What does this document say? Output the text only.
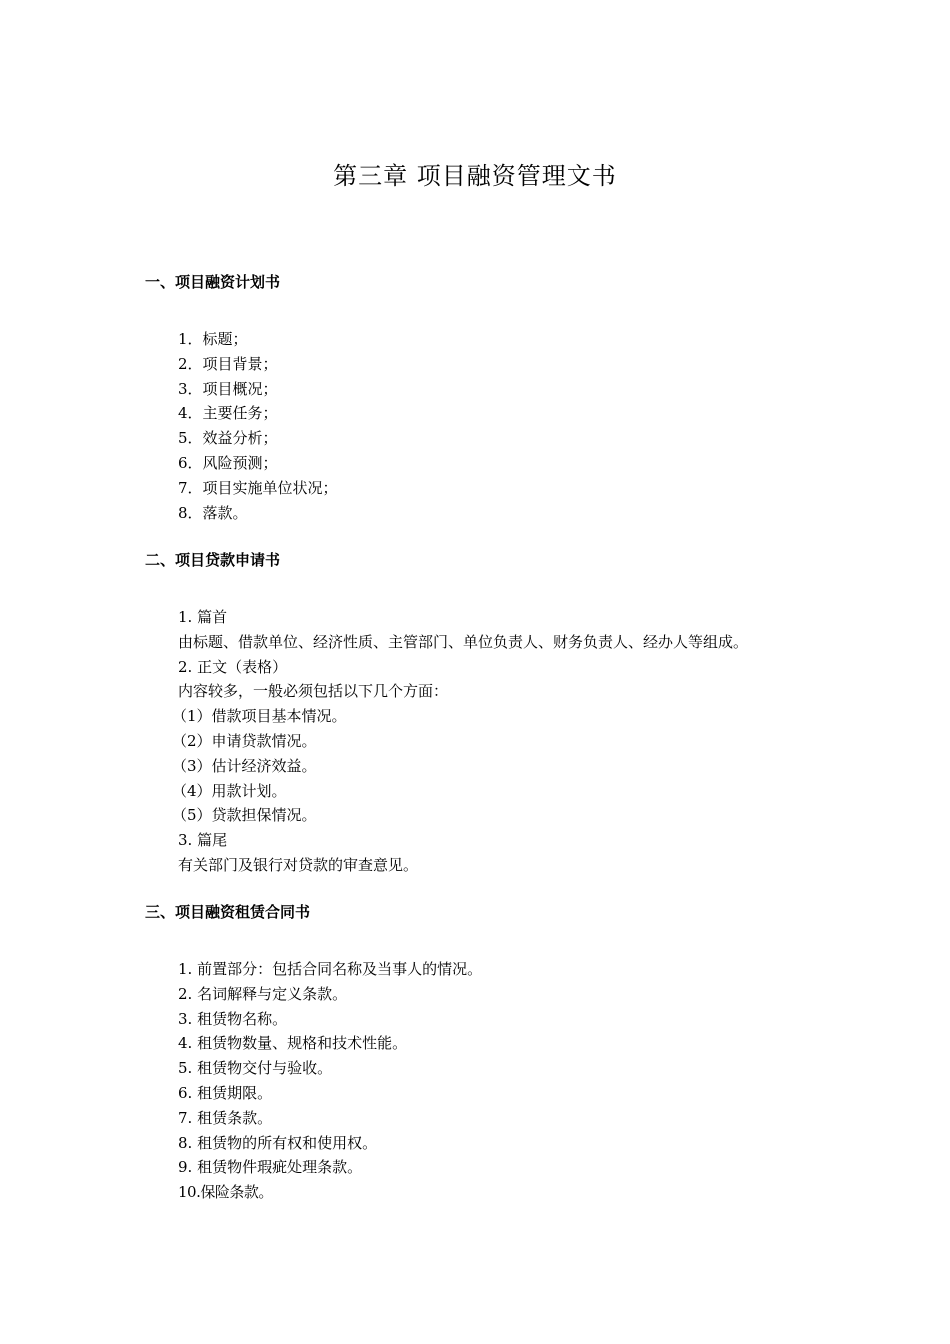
第三章 项目融资管理文书
一、项目融资计划书
1．标题；
2．项目背景；
3．项目概况；
4．主要任务；
5．效益分析；
6．风险预测；
7．项目实施单位状况；
8．落款。
二、项目贷款申请书
1. 篇首
由标题、借款单位、经济性质、主管部门、单位负责人、财务负责人、经办人等组成。
2. 正文（表格）
内容较多，一般必须包括以下几个方面：
（1）借款项目基本情况。
（2）申请贷款情况。
（3）估计经济效益。
（4）用款计划。
（5）贷款担保情况。
3. 篇尾
有关部门及银行对贷款的审查意见。
三、项目融资租赁合同书
1. 前置部分：包括合同名称及当事人的情况。
2. 名词解释与定义条款。
3. 租赁物名称。
4. 租赁物数量、规格和技术性能。
5. 租赁物交付与验收。
6. 租赁期限。
7. 租赁条款。
8. 租赁物的所有权和使用权。
9. 租赁物件瑕疵处理条款。
10.保险条款。
